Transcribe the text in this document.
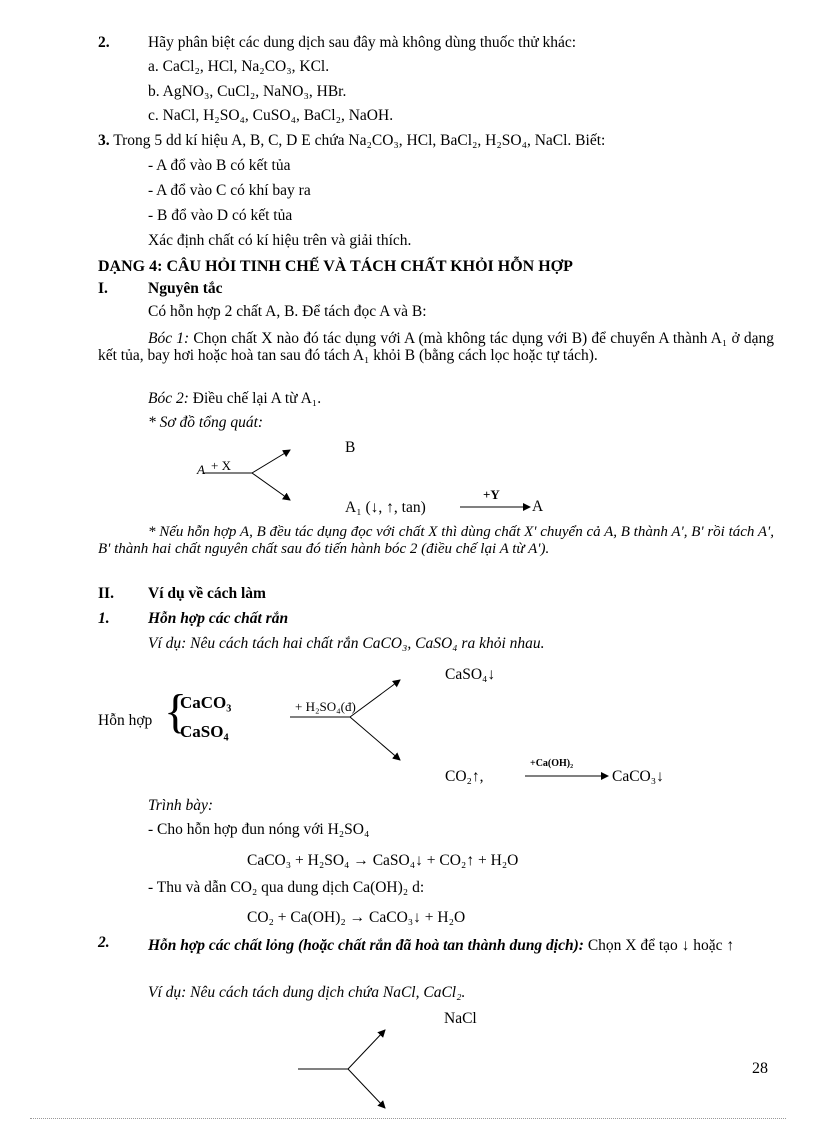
2. Hãy phân biệt các dung dịch sau đây mà không dùng thuốc thử khác:
a. CaCl₂, HCl, Na₂CO₃, KCl.
b. AgNO₃, CuCl₂, NaNO₃, HBr.
c. NaCl, H₂SO₄, CuSO₄, BaCl₂, NaOH.
3. Trong 5 dd kí hiệu A, B, C, D E chứa Na₂CO₃, HCl, BaCl₂, H₂SO₄, NaCl. Biết:
- A đổ vào B có kết tủa
- A đổ vào C có khí bay ra
- B đổ vào D có kết tủa
Xác định chất có kí hiệu trên và giải thích.
DẠNG 4: CÂU HỎI TINH CHẾ VÀ TÁCH CHẤT KHỎI HỖN HỢP
I.	Nguyên tắc
Có hỗn hợp 2 chất A, B. Để tách đọc A và B:
Bóc 1: Chọn chất X nào đó tác dụng với A (mà không tác dụng với B) để chuyển A thành A₁ ở dạng kết tủa, bay hơi hoặc hoà tan sau đó tách A₁ khỏi B (bằng cách lọc hoặc tự tách).
Bóc 2: Điều chế lại A từ A₁.
* Sơ đồ tổng quát:
A + X
B
A₁ (↓, ↑, tan)
+Y
A
* Nếu hỗn hợp A, B đều tác dụng đọc với chất X thì dùng chất X' chuyển cả A, B thành A', B' rồi tách A', B' thành hai chất nguyên chất sau đó tiến hành bóc 2 (điều chế lại A từ A').
II. Ví dụ về cách làm
1. Hỗn hợp các chất rắn
Ví dụ: Nêu cách tách hai chất rắn CaCO₃, CaSO₄ ra khỏi nhau.
Hỗn hợp {
CaCO₃
CaSO₄
+ H₂SO₄(đ)
CaSO₄↓
CO₂↑,
+Ca(OH)₂
CaCO₃↓
Trình bày:
- Cho hỗn hợp đun nóng với H₂SO₄
CaCO₃ + H₂SO₄ → CaSO₄↓ + CO₂↑ + H₂O
- Thu và dẫn CO₂ qua dung dịch Ca(OH)₂ d:
CO₂ + Ca(OH)₂ → CaCO₃↓ + H₂O
2.	Hỗn hợp các chất lỏng (hoặc chất rắn đã hoà tan thành dung dịch): Chọn X để tạo ↓ hoặc ↑
Ví dụ: Nêu cách tách dung dịch chứa NaCl, CaCl₂.
NaCl
28
